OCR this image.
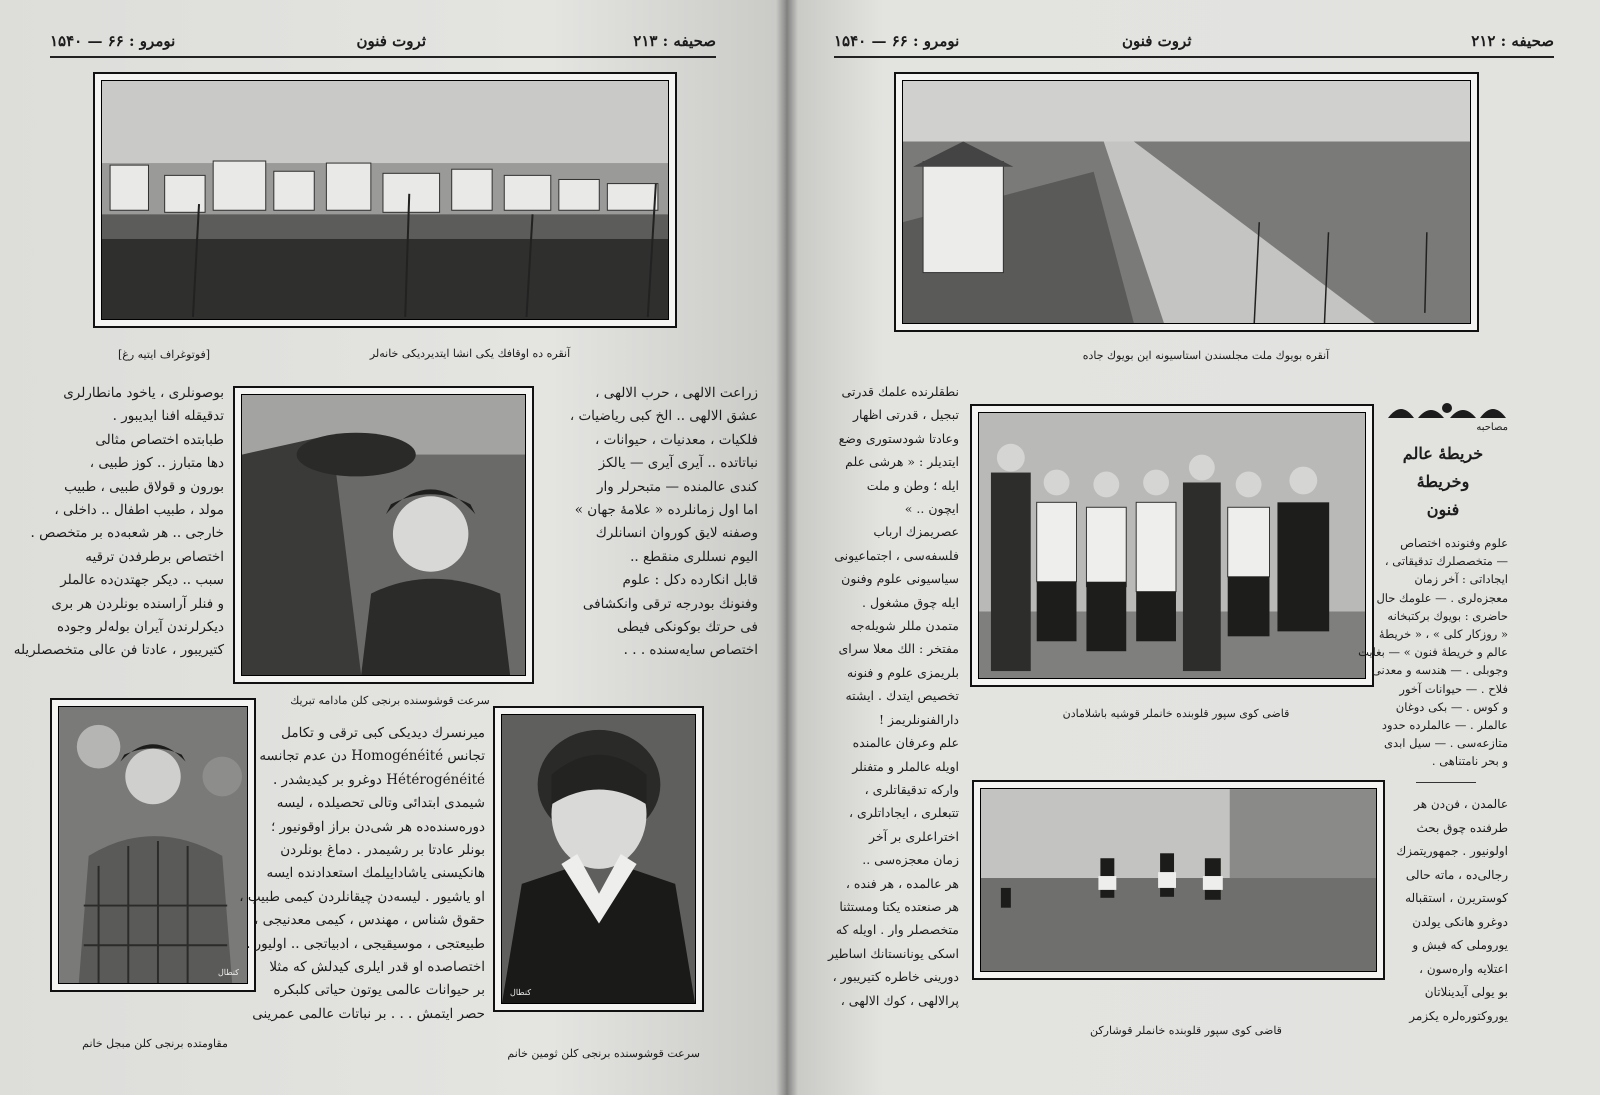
صحیفه : ۲۱۳
ثروت فنون
نومرو : ۶۶ — ۱۵۴۰
[فوتوغراف ایتیه رغ]	آنقره ده اوقافك یکی انشا ایتدیردیکی خانه‌لر
سرعت قوشوسنده برنجی کلن مادامه تبریك
کنطال
مقاومتده برنجی کلن مبجل خانم
کنطال
سرعت قوشوسنده برنجی کلن ثومین خانم
زراعت الالهی ، حرب الالهی ،
عشق الالهی .. الخ کبی ریاضیات ،
فلکیات ، معدنیات ، حیوانات ،
نباتاتده .. آیری آیری — یالکز
کندی عالمنده — متبحرلر وار
اما اول زمانلرده « علامهٔ جهان »
وصفنه لایق کوروان انسانلرك
الیوم نسللری منقطع ..
قابل انکارده دکل : علوم
وفنونك بودرجه ترقی وانکشافی
فی حرتك بوکونکی فیطی
اختصاص سایه‌سنده . . .
بوصونلری ، یاخود مانطارلری
تدقیقله افنا ایدیبور .
طبابتده اختصاص مثالی
دها متبارز .. کوز طبیی ،
بورون و قولاق طبیی ، طبیب
مولد ، طبیب اطفال .. داخلی ،
خارجی .. هر شعبه‌ده بر متخصص .
اختصاص برطرفدن ترقیه
سبب .. دیکر جهتدن‌ده عالملر
و فنلر آراسنده بونلردن هر بری
دیکرلرندن آیران بوله‌لر وجوده
کتیریبور ، عادتا فن عالی متخصصلریله
میرنسرك دیدیکی کبی ترقی و تکامل
تجانس Homogénéité دن عدم تجانسه
Hétérogénéité دوغرو بر کیدیشدر .
شیمدی ابتدائی وتالی تحصیلده ، لیسه
دوره‌سنده‌ده هر شی‌دن براز اوقونیور ؛
بونلر عادتا بر رشیمدر . دماغ بونلردن
هانکیسنی یاشاداییلمك استعدادنده ایسه
او یاشیور . لیسه‌دن چیقانلردن کیمی طبیب ،
حقوق شناس ، مهندس ، کیمی معدنیجی ،
طبیعتجی ، موسیقیجی ، ادبیاتجی .. اولیور .
اختصاصده او قدر ایلری کیدلش که مثلا
بر حیوانات عالمی یوتون حیاتی کلبکره
حصر ایتمش . . . بر نباتات عالمی عمرینی
نومرو : ۶۶ — ۱۵۴۰	ثروت فنون	صحیفه : ۲۱۲
آنقره بویوك ملت مجلسندن استاسیونه این بویوك جاده
قاضی کوی سپور قلوبنده خانملر قوشیه باشلامادن
قاضی کوی سپور قلوبنده خانملر قوشارکن
نطقلرنده علمك قدرتی
تبجیل ، قدرتی اظهار
وعادتا شودستوری وضع
ایتدیلر : « هرشی علم
ایله ؛ وطن و ملت
ایچون .. »
عصریمزك ارباب
فلسفه‌سی ، اجتماعیونی
سیاسیونی علوم وفنون
ایله چوق مشغول .
متمدن مللر شویله‌جه
مفتخر : الك معلا سرای
بلریمزی علوم و فنونه
تخصیص ایتدك . ایشته
دارالفنونلریمز !
علم وعرفان عالمنده
اویله عالملر و متفنلر
وارکه تدقیقاتلری ،
تتبعلری ، ایجاداتلری ،
اختراعلری بر آخر
زمان معجزه‌سی ..
هر عالمده ، هر فنده ،
هر صنعتده یکتا ومستثنا
متخصصلر وار . اویله که
اسکی یونانستانك اساطیر
دورینی خاطره کتیریبور ،
پرالالهی ، کوك الالهی ،
مصاحبه
خریطهٔ عالم وخریطهٔ
فنون
علوم وفنونده اختصاص
— متخصصلرك تدقیقاتی ،
ایجاداتی : آخر زمان
معجزه‌لری . — علومك حال
حاضری : بویوك برکتبخانه
« روزکار کلی » ، « خریطهٔ
عالم و خریطهٔ فنون » — بغایت
وجوبلی . — هندسه و معدنی
فلاح . — حیوانات آخور
و کوس . — بکی دوغان
عالملر . — عالملرده حدود
متازعه‌سی . — سیل ابدی
و بحر نامتناهی .
عالمدن ، فن‌دن هر
طرفنده چوق بحث
اولونیور . جمهوریتمزك
رجالی‌ده ، ماته حالی
کوستریرن ، استقباله
دوغرو هانکی یولدن
یوروملی که فیش و
اعتلایه واره‌سون ،
بو یولی آیدینلاتان
یوروکتوره‌لره یکزمر
